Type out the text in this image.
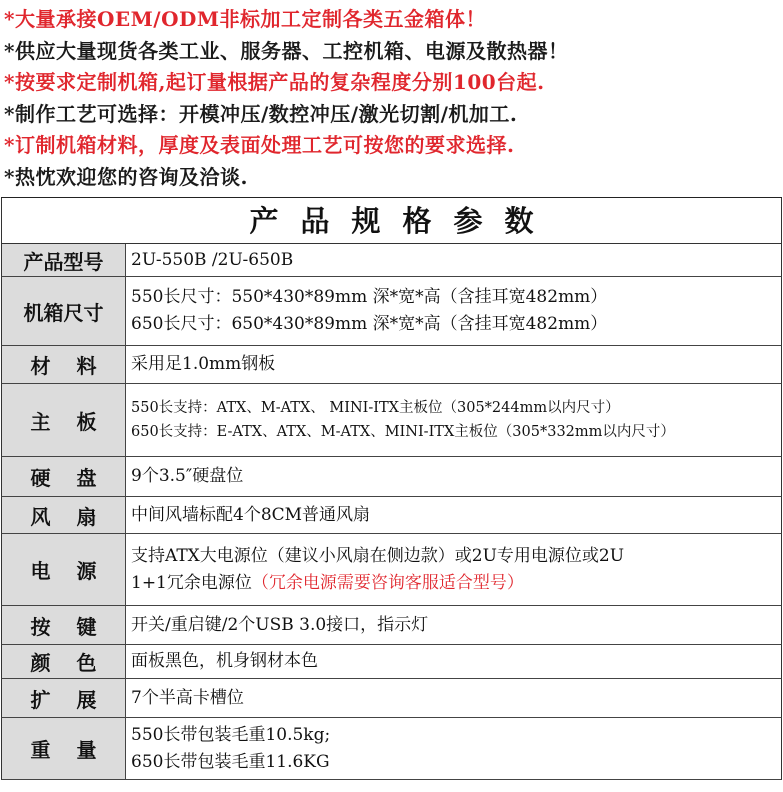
*大量承接OEM/ODM非标加工定制各类五金箱体！
*供应大量现货各类工业、服务器、工控机箱、电源及散热器！
*按要求定制机箱,起订量根据产品的复杂程度分别100台起.
*制作工艺可选择：开模冲压/数控冲压/激光切割/机加工.
*订制机箱材料，厚度及表面处理工艺可按您的要求选择.
*热忱欢迎您的咨询及洽谈.
产品规格参数
产品型号	2U-550B /2U-650B
机箱尺寸
550长尺寸：550*430*89mm 深*宽*高（含挂耳宽482mm）
650长尺寸：650*430*89mm 深*宽*高（含挂耳宽482mm）
材料 采用足1.0mm钢板
主板
550长支持：ATX、M-ATX、 MINI-ITX主板位（305*244mm以内尺寸）
650长支持：E-ATX、ATX、M-ATX、MINI-ITX主板位（305*332mm以内尺寸）
硬盘 9个3.5″硬盘位
风扇 中间风墙标配4个8CM普通风扇
电源
支持ATX大电源位（建议小风扇在侧边款）或2U专用电源位或2U
1+1冗余电源位（冗余电源需要咨询客服适合型号）
按键 开关/重启键/2个USB 3.0接口，指示灯
颜色 面板黑色，机身钢材本色
扩展 7个半高卡槽位
重量
550长带包装毛重10.5kg;
650长带包装毛重11.6KG
